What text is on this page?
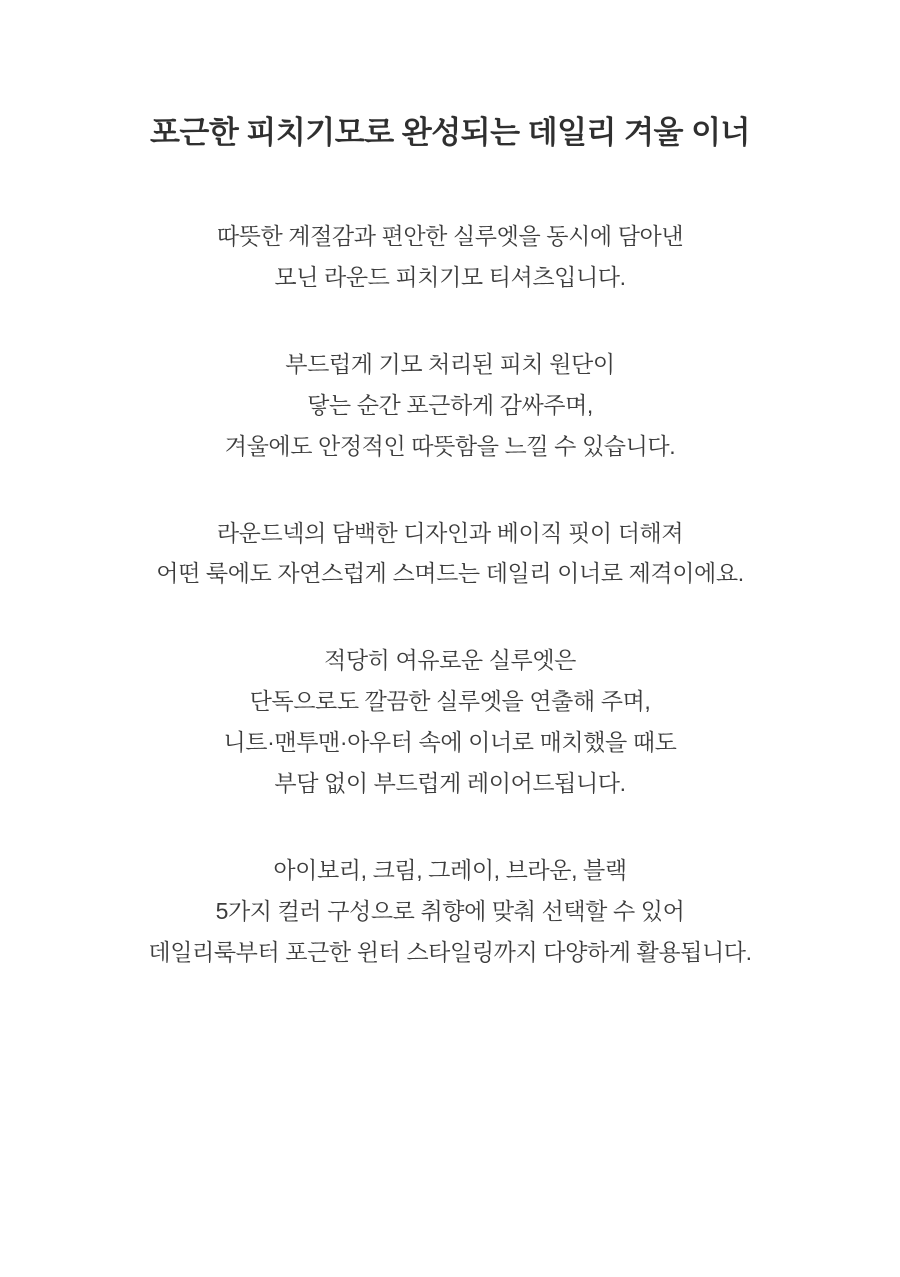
포근한 피치기모로 완성되는 데일리 겨울 이너

따뜻한 계절감과 편안한 실루엣을 동시에 담아낸
모닌 라운드 피치기모 티셔츠입니다.

부드럽게 기모 처리된 피치 원단이
닿는 순간 포근하게 감싸주며,
겨울에도 안정적인 따뜻함을 느낄 수 있습니다.

라운드넥의 담백한 디자인과 베이직 핏이 더해져
어떤 룩에도 자연스럽게 스며드는 데일리 이너로 제격이에요.

적당히 여유로운 실루엣은
단독으로도 깔끔한 실루엣을 연출해 주며,
니트·맨투맨·아우터 속에 이너로 매치했을 때도
부담 없이 부드럽게 레이어드됩니다.

아이보리, 크림, 그레이, 브라운, 블랙
5가지 컬러 구성으로 취향에 맞춰 선택할 수 있어
데일리룩부터 포근한 윈터 스타일링까지 다양하게 활용됩니다.
